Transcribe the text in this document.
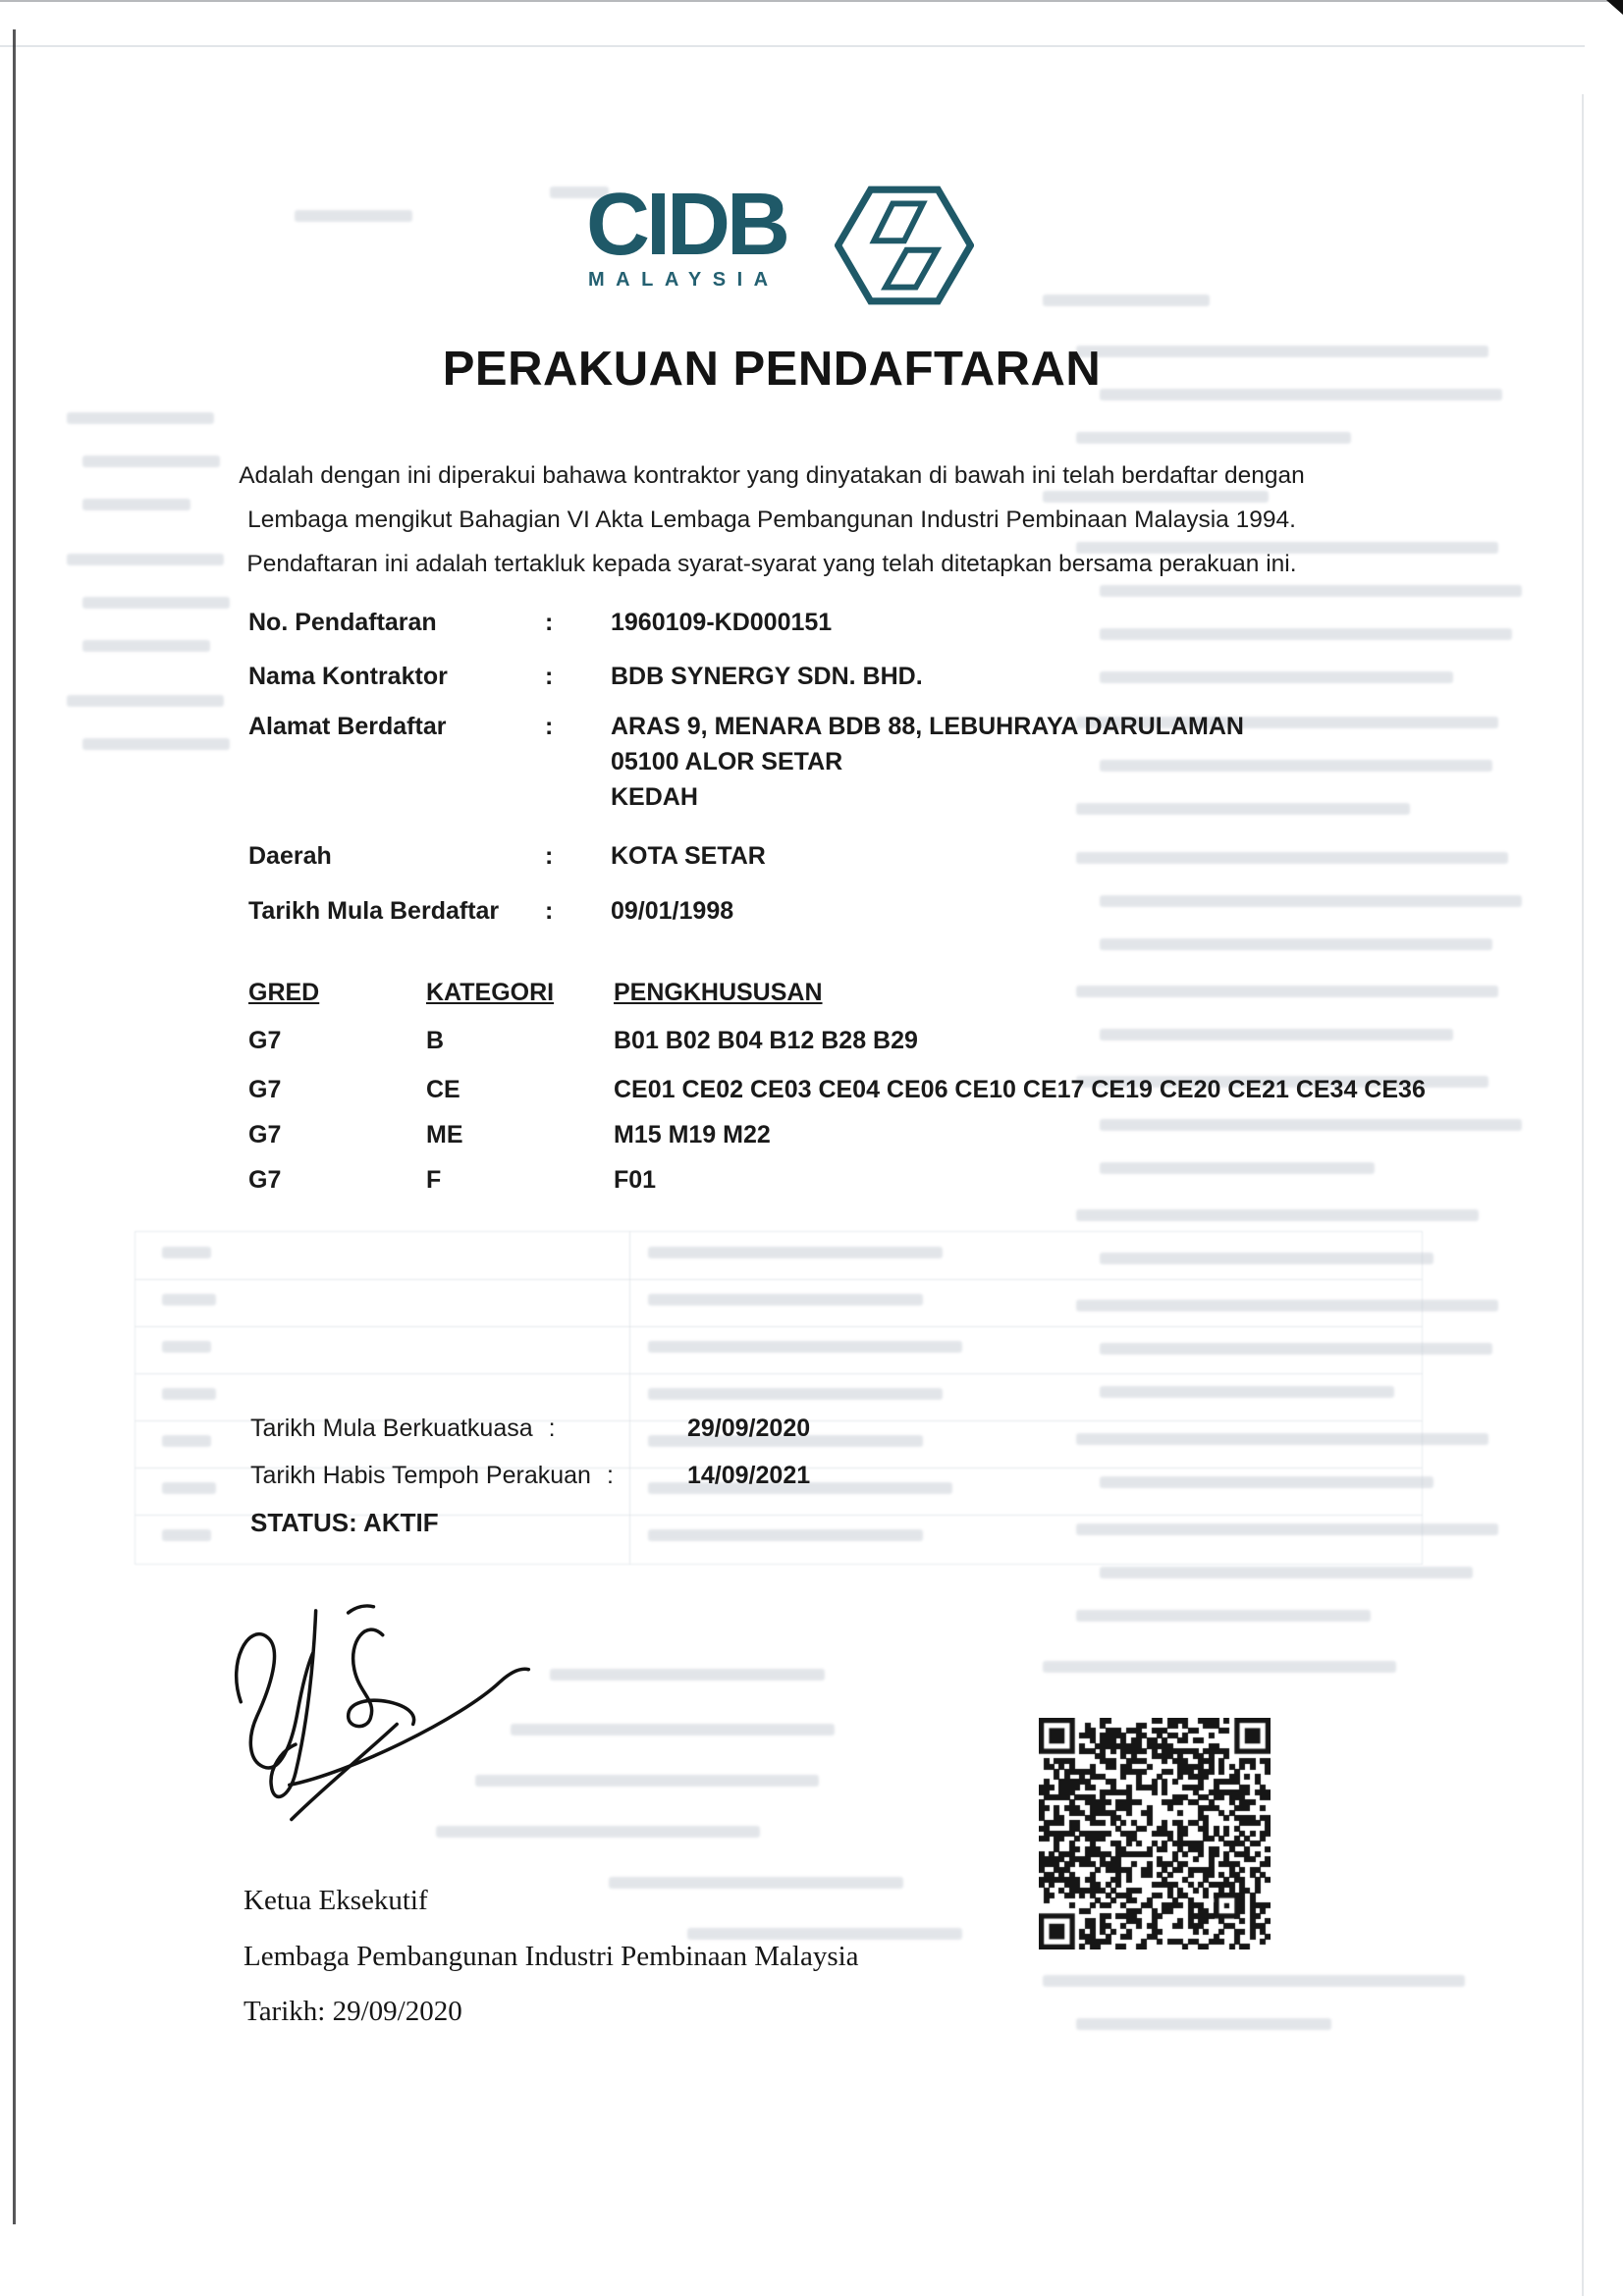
CIDB
MALAYSIA
PERAKUAN PENDAFTARAN
Adalah dengan ini diperakui bahawa kontraktor yang dinyatakan di bawah ini telah berdaftar dengan
Lembaga mengikut Bahagian VI Akta Lembaga Pembangunan Industri Pembinaan Malaysia 1994.
Pendaftaran ini adalah tertakluk kepada syarat-syarat yang telah ditetapkan bersama perakuan ini.
No. Pendaftaran	: 1960109-KD000151
Nama Kontraktor	: BDB SYNERGY SDN. BHD.
Alamat Berdaftar	: ARAS 9, MENARA BDB 88, LEBUHRAYA DARULAMAN
05100 ALOR SETAR
KEDAH
Daerah	: KOTA SETAR
Tarikh Mula Berdaftar : 09/01/1998
GRED	KATEGORI PENGKHUSUSAN
G7	B	B01 B02 B04 B12 B28 B29
G7	CE	CE01 CE02 CE03 CE04 CE06 CE10 CE17 CE19 CE20 CE21 CE34 CE36
G7	ME	M15 M19 M22
G7	F	F01
Tarikh Mula Berkuatkuasa :	29/09/2020
Tarikh Habis Tempoh Perakuan :	14/09/2021
STATUS: AKTIF
Ketua Eksekutif
Lembaga Pembangunan Industri Pembinaan Malaysia
Tarikh: 29/09/2020
